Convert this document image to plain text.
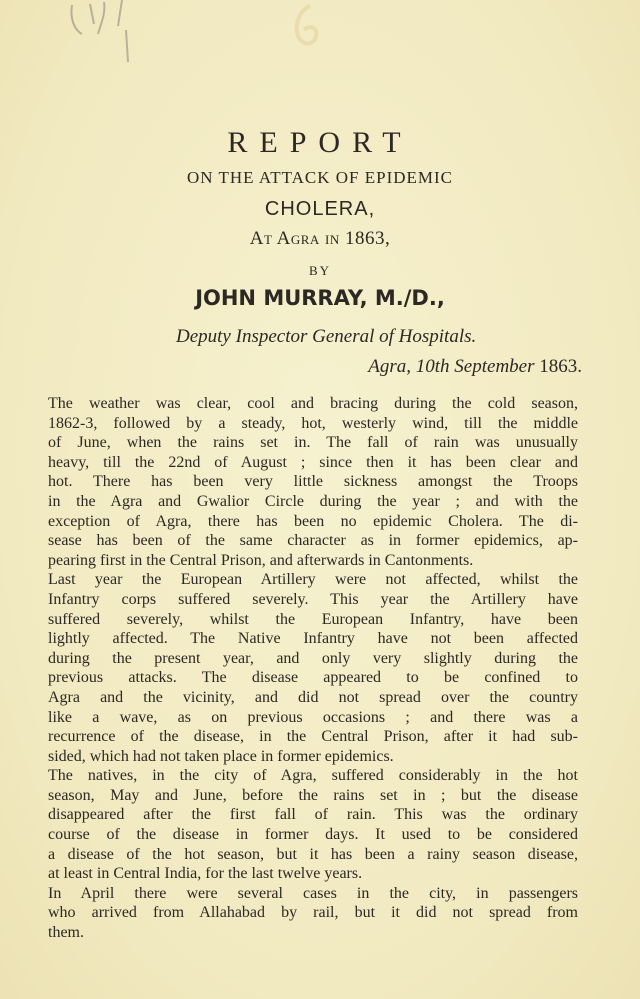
REPORT
ON THE ATTACK OF EPIDEMIC
CHOLERA,
At Agra in 1863,
BY
JOHN MURRAY, M./D.,
Deputy Inspector General of Hospitals.
Agra, 10th September 1863.

The weather was clear, cool and bracing during the cold season,
1862-3, followed by a steady, hot, westerly wind, till the middle
of June, when the rains set in. The fall of rain was unusually
heavy, till the 22nd of August ; since then it has been clear and
hot. There has been very little sickness amongst the Troops
in the Agra and Gwalior Circle during the year ; and with the
exception of Agra, there has been no epidemic Cholera. The di-
sease has been of the same character as in former epidemics, ap-
pearing first in the Central Prison, and afterwards in Cantonments.

Last year the European Artillery were not affected, whilst the
Infantry corps suffered severely. This year the Artillery have
suffered severely, whilst the European Infantry, have been
lightly affected. The Native Infantry have not been affected
during the present year, and only very slightly during the
previous attacks. The disease appeared to be confined to
Agra and the vicinity, and did not spread over the country
like a wave, as on previous occasions ; and there was a
recurrence of the disease, in the Central Prison, after it had sub-
sided, which had not taken place in former epidemics.

The natives, in the city of Agra, suffered considerably in the hot
season, May and June, before the rains set in ; but the disease
disappeared after the first fall of rain. This was the ordinary
course of the disease in former days. It used to be considered
a disease of the hot season, but it has been a rainy season disease,
at least in Central India, for the last twelve years.

In April there were several cases in the city, in passengers
who arrived from Allahabad by rail, but it did not spread from
them.
